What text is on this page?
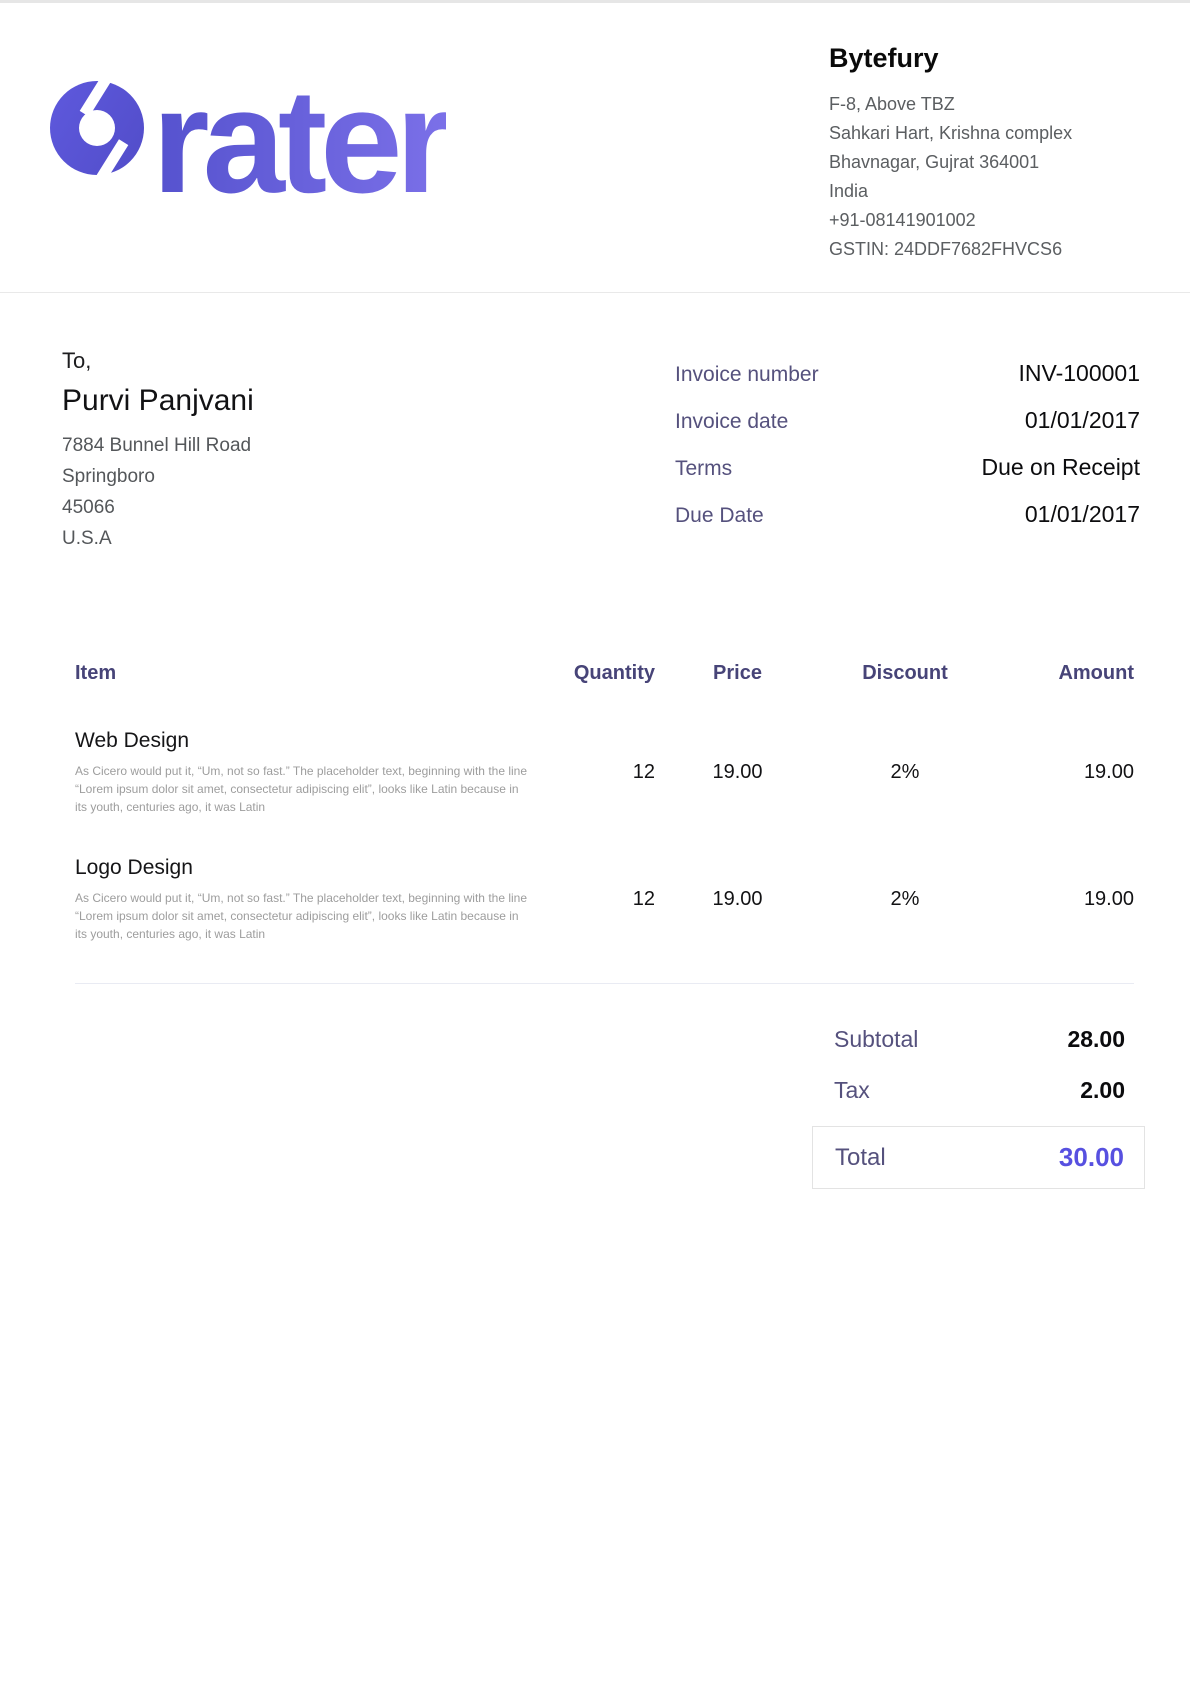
rater
Bytefury
F-8, Above TBZ
Sahkari Hart, Krishna complex
Bhavnagar, Gujrat 364001
India
+91-08141901002
GSTIN: 24DDF7682FHVCS6
To,
Purvi Panjvani
7884 Bunnel Hill Road
Springboro
45066
U.S.A
Invoice number	INV-100001
Invoice date	01/01/2017
Terms	Due on Receipt
Due Date	01/01/2017
Item	Quantity	Price	Discount	Amount
Web Design
As Cicero would put it, “Um, not so fast.” The placeholder text, beginning with the line “Lorem ipsum dolor sit amet, consectetur adipiscing elit”, looks like Latin because in its youth, centuries ago, it was Latin
12	19.00	2%	19.00
Logo Design
As Cicero would put it, “Um, not so fast.” The placeholder text, beginning with the line “Lorem ipsum dolor sit amet, consectetur adipiscing elit”, looks like Latin because in its youth, centuries ago, it was Latin
12	19.00	2%	19.00
Subtotal	28.00
Tax	2.00
Total	30.00
